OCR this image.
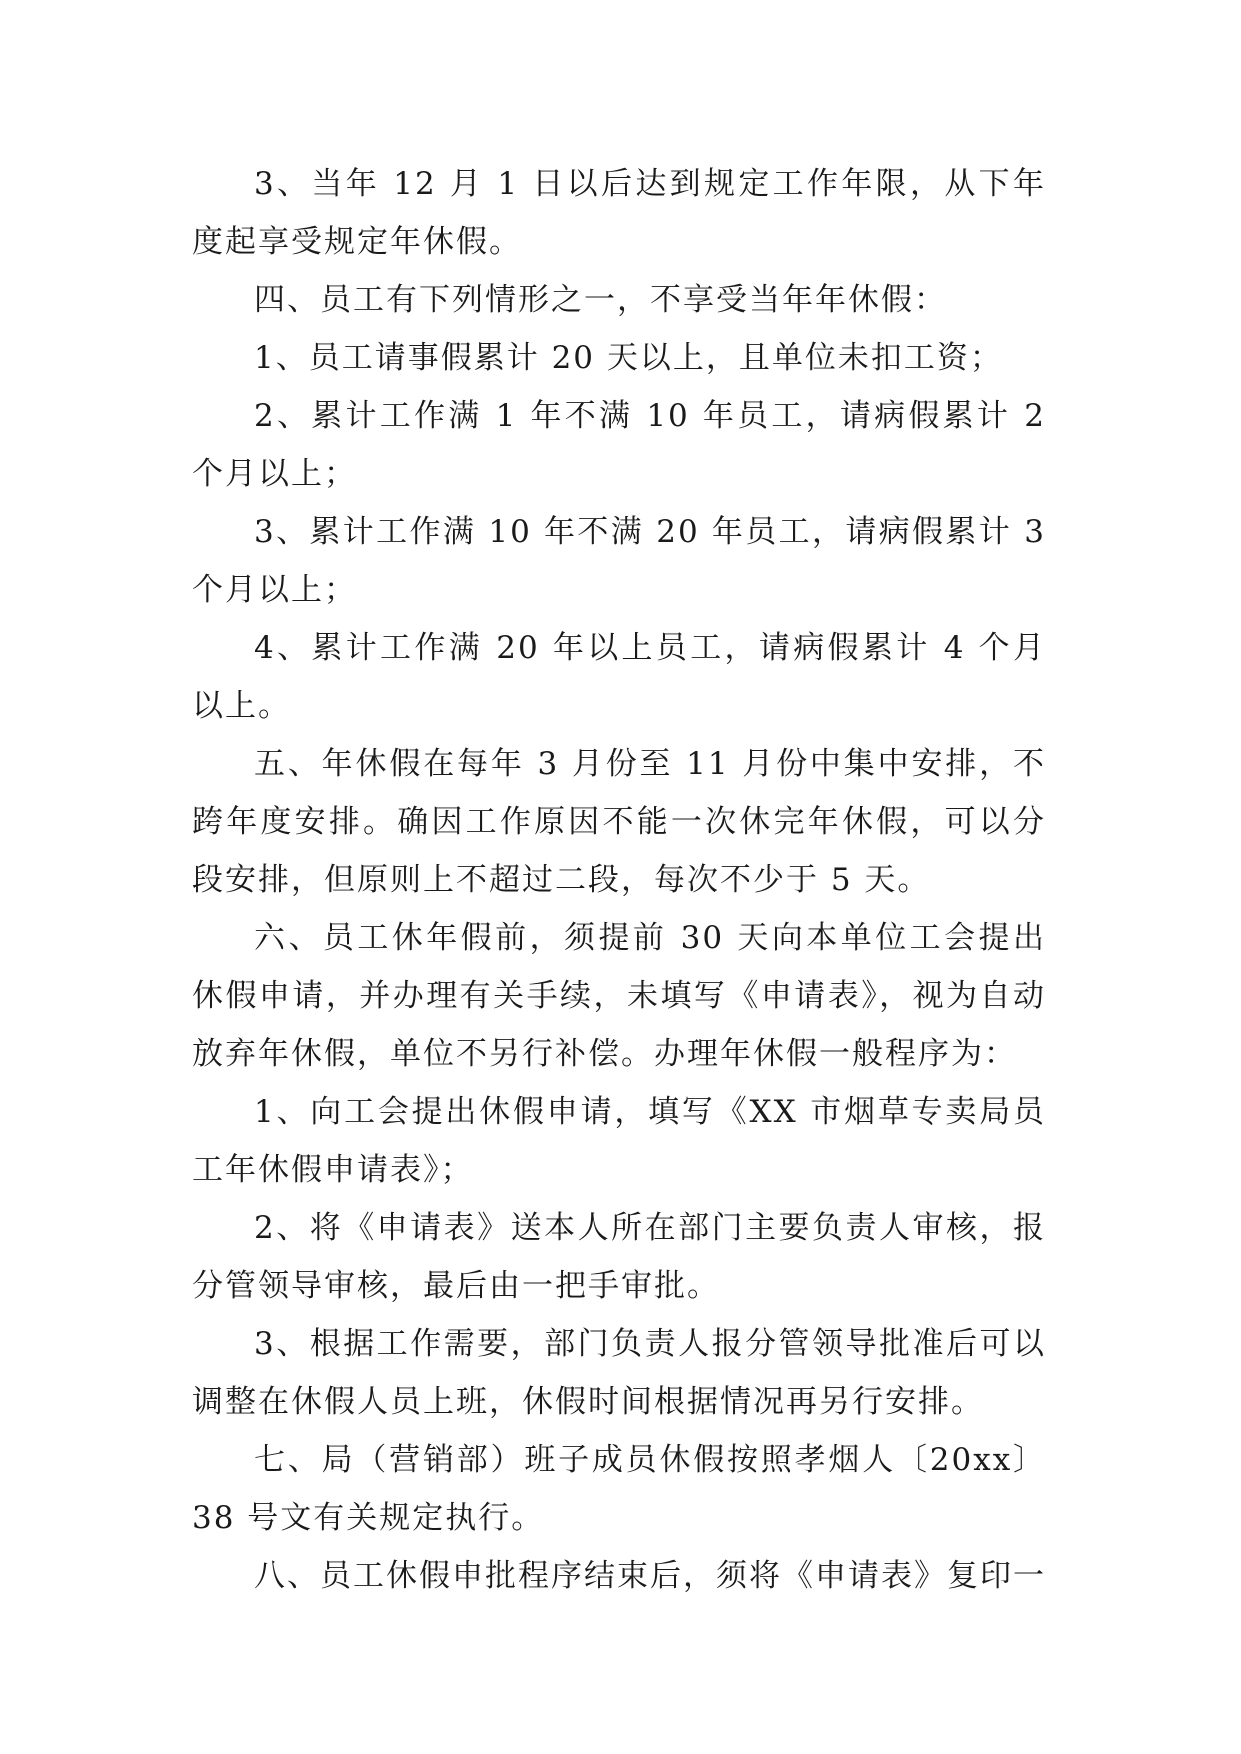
3、当年 12 月 1 日以后达到规定工作年限，从下年度起享受规定年休假。

四、员工有下列情形之一，不享受当年年休假：

1、员工请事假累计 20 天以上，且单位未扣工资；

2、累计工作满 1 年不满 10 年员工，请病假累计 2 个月以上；

3、累计工作满 10 年不满 20 年员工，请病假累计 3 个月以上；

4、累计工作满 20 年以上员工，请病假累计 4 个月以上。

五、年休假在每年 3 月份至 11 月份中集中安排，不跨年度安排。确因工作原因不能一次休完年休假，可以分段安排，但原则上不超过二段，每次不少于 5 天。

六、员工休年假前，须提前 30 天向本单位工会提出休假申请，并办理有关手续，未填写《申请表》，视为自动放弃年休假，单位不另行补偿。办理年休假一般程序为：

1、向工会提出休假申请，填写《XX 市烟草专卖局员工年休假申请表》；

2、将《申请表》送本人所在部门主要负责人审核，报分管领导审核，最后由一把手审批。

3、根据工作需要，部门负责人报分管领导批准后可以调整在休假人员上班，休假时间根据情况再另行安排。

七、局（营销部）班子成员休假按照孝烟人〔20xx〕38 号文有关规定执行。

八、员工休假申批程序结束后，须将《申请表》复印一
